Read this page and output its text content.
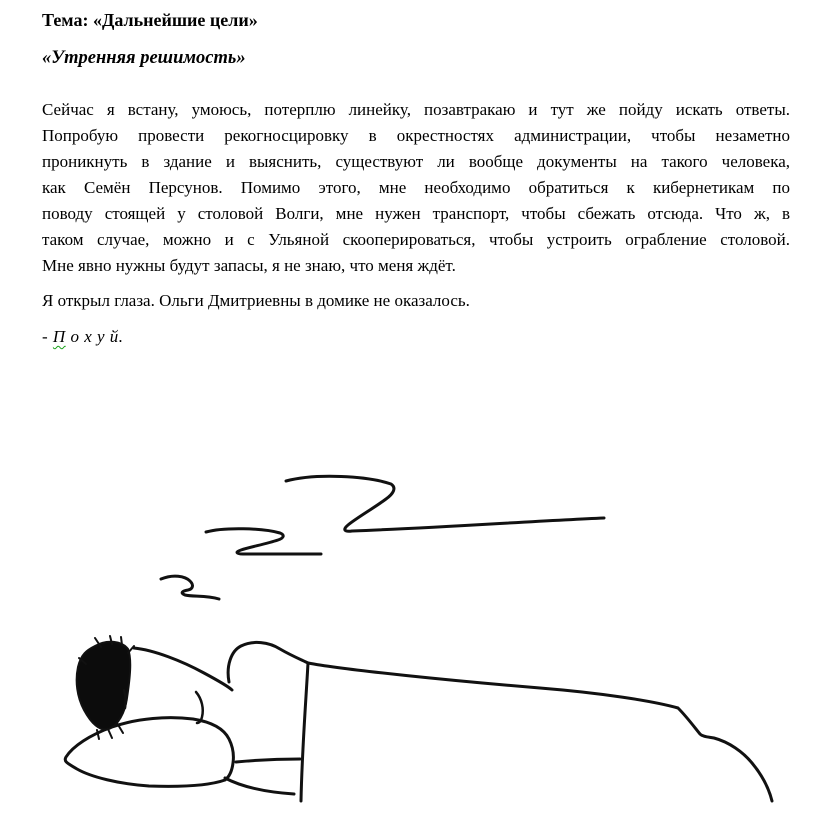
Тема: «Дальнейшие цели»
«Утренняя решимость»
Сейчас я встану, умоюсь, потерплю линейку, позавтракаю и тут же пойду искать ответы.
Попробую провести рекогносцировку в окрестностях администрации, чтобы незаметно
проникнуть в здание и выяснить, существуют ли вообще документы на такого человека,
как Семён Персунов. Помимо этого, мне необходимо обратиться к кибернетикам по
поводу стоящей у столовой Волги, мне нужен транспорт, чтобы сбежать отсюда. Что ж, в
таком случае, можно и с Ульяной скооперироваться, чтобы устроить ограбление столовой.
Мне явно нужны будут запасы, я не знаю, что меня ждёт.

Я открыл глаза. Ольги Дмитриевны в домике не оказалось.

- П о х у й.
